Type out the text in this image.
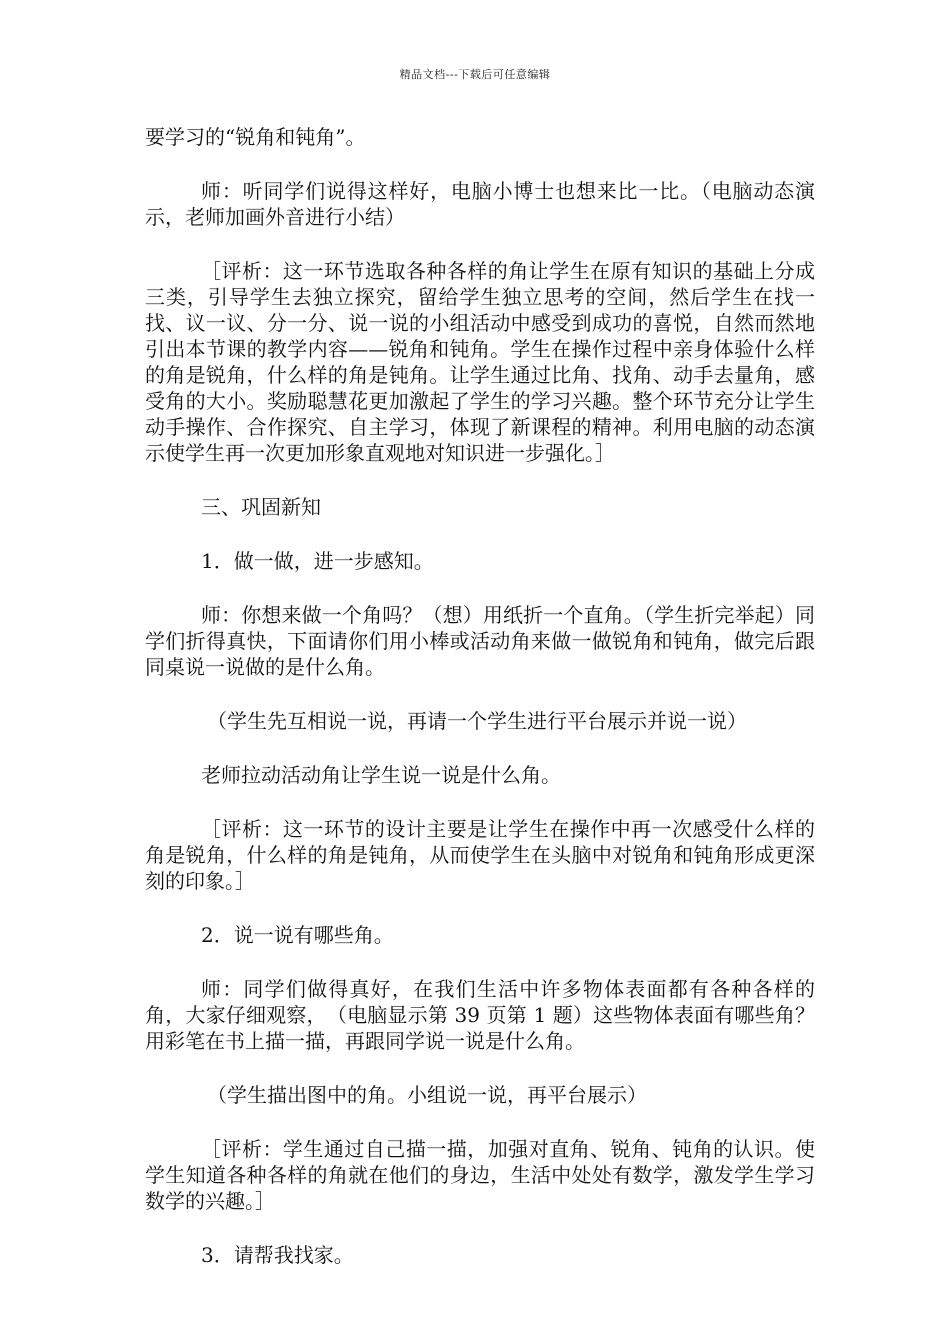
精品文档---下载后可任意编辑

要学习的“锐角和钝角”。

师：听同学们说得这样好，电脑小博士也想来比一比。（电脑动态演示，老师加画外音进行小结）

［评析：这一环节选取各种各样的角让学生在原有知识的基础上分成三类，引导学生去独立探究，留给学生独立思考的空间，然后学生在找一找、议一议、分一分、说一说的小组活动中感受到成功的喜悦，自然而然地引出本节课的教学内容——锐角和钝角。学生在操作过程中亲身体验什么样的角是锐角，什么样的角是钝角。让学生通过比角、找角、动手去量角，感受角的大小。奖励聪慧花更加激起了学生的学习兴趣。整个环节充分让学生动手操作、合作探究、自主学习，体现了新课程的精神。利用电脑的动态演示使学生再一次更加形象直观地对知识进一步强化。］

三、巩固新知

1．做一做，进一步感知。

师：你想来做一个角吗？（想）用纸折一个直角。（学生折完举起）同学们折得真快，下面请你们用小棒或活动角来做一做锐角和钝角，做完后跟同桌说一说做的是什么角。

（学生先互相说一说，再请一个学生进行平台展示并说一说）

老师拉动活动角让学生说一说是什么角。

［评析：这一环节的设计主要是让学生在操作中再一次感受什么样的角是锐角，什么样的角是钝角，从而使学生在头脑中对锐角和钝角形成更深刻的印象。］

2．说一说有哪些角。

师：同学们做得真好，在我们生活中许多物体表面都有各种各样的角，大家仔细观察，　（电脑显示第 39 页第 1 题）这些物体表面有哪些角？用彩笔在书上描一描，再跟同学说一说是什么角。

（学生描出图中的角。小组说一说，再平台展示）

［评析：学生通过自己描一描，加强对直角、锐角、钝角的认识。使学生知道各种各样的角就在他们的身边，生活中处处有数学，激发学生学习数学的兴趣。］

3．请帮我找家。
